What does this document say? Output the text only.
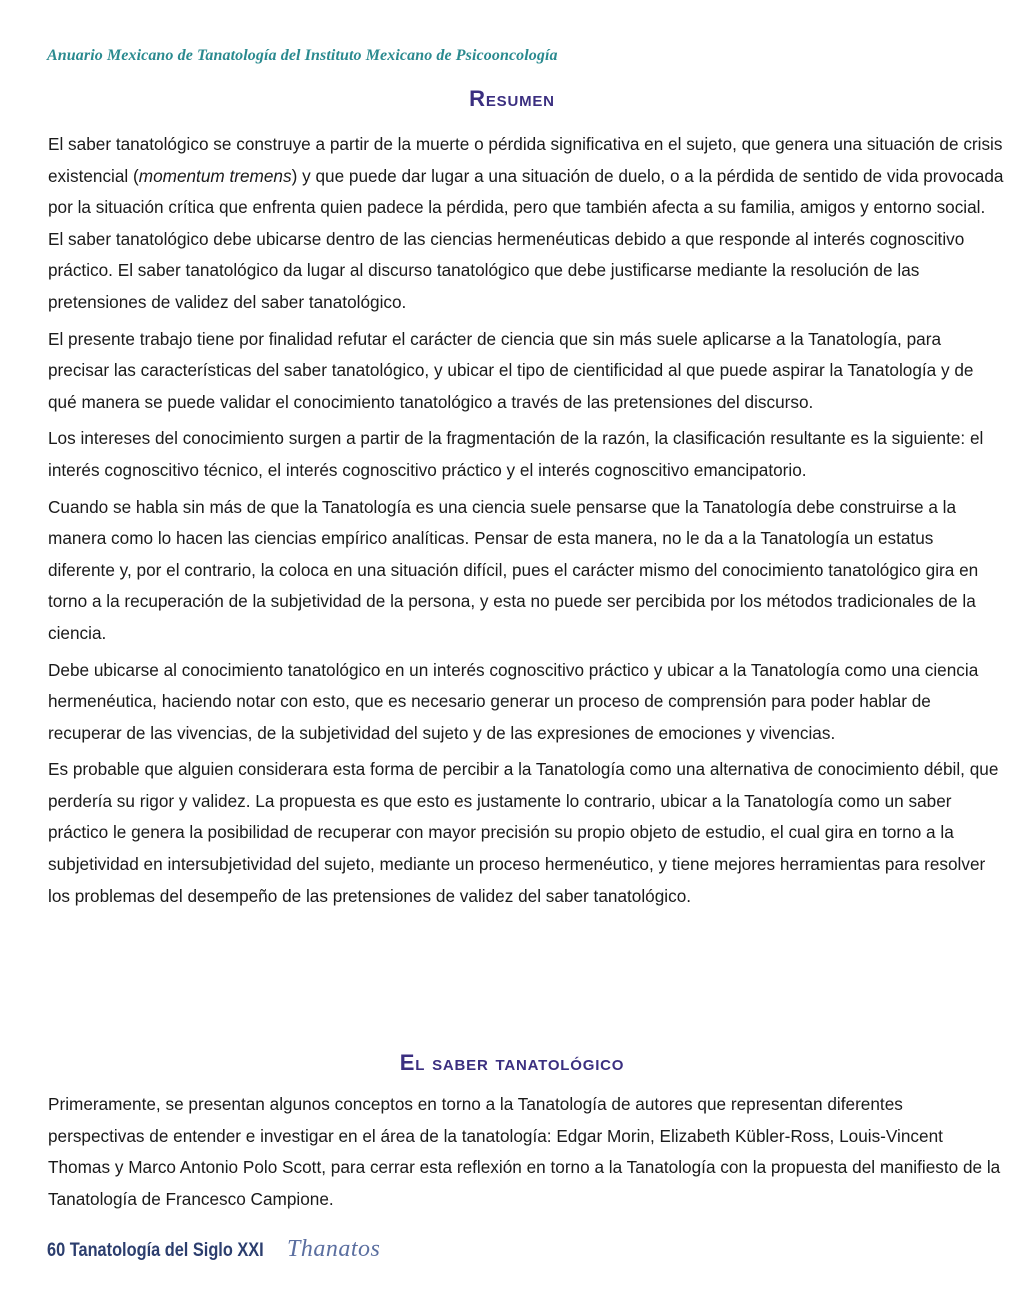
Anuario Mexicano de Tanatología del Instituto Mexicano de Psicooncología
Resumen

El saber tanatológico se construye a partir de la muerte o pérdida significativa en el sujeto, que genera una situación de crisis existencial (momentum tremens) y que puede dar lugar a una situación de duelo, o a la pérdida de sentido de vida provocada por la situación crítica que enfrenta quien padece la pérdida, pero que también afecta a su familia, amigos y entorno social. El saber tanatológico debe ubicarse dentro de las ciencias hermenéuticas debido a que responde al interés cognoscitivo práctico. El saber tanatológico da lugar al discurso tanatológico que debe justificarse mediante la resolución de las pretensiones de validez del saber tanatológico.

El presente trabajo tiene por finalidad refutar el carácter de ciencia que sin más suele aplicarse a la Tanatología, para precisar las características del saber tanatológico, y ubicar el tipo de cientificidad al que puede aspirar la Tanatología y de qué manera se puede validar el conocimiento tanatológico a través de las pretensiones del discurso.

Los intereses del conocimiento surgen a partir de la fragmentación de la razón, la clasificación resultante es la siguiente: el interés cognoscitivo técnico, el interés cognoscitivo práctico y el interés cognoscitivo emancipatorio.

Cuando se habla sin más de que la Tanatología es una ciencia suele pensarse que la Tanatología debe construirse a la manera como lo hacen las ciencias empírico analíticas. Pensar de esta manera, no le da a la Tanatología un estatus diferente y, por el contrario, la coloca en una situación difícil, pues el carácter mismo del conocimiento tanatológico gira en torno a la recuperación de la subjetividad de la persona, y esta no puede ser percibida por los métodos tradicionales de la ciencia.

Debe ubicarse al conocimiento tanatológico en un interés cognoscitivo práctico y ubicar a la Tanatología como una ciencia hermenéutica, haciendo notar con esto, que es necesario generar un proceso de comprensión para poder hablar de recuperar de las vivencias, de la subjetividad del sujeto y de las expresiones de emociones y vivencias.

Es probable que alguien considerara esta forma de percibir a la Tanatología como una alternativa de conocimiento débil, que perdería su rigor y validez. La propuesta es que esto es justamente lo contrario, ubicar a la Tanatología como un saber práctico le genera la posibilidad de recuperar con mayor precisión su propio objeto de estudio, el cual gira en torno a la subjetividad en intersubjetividad del sujeto, mediante un proceso hermenéutico, y tiene mejores herramientas para resolver los problemas del desempeño de las pretensiones de validez del saber tanatológico.

El saber tanatológico

Primeramente, se presentan algunos conceptos en torno a la Tanatología de autores que representan diferentes perspectivas de entender e investigar en el área de la tanatología: Edgar Morin, Elizabeth Kübler-Ross, Louis-Vincent Thomas y Marco Antonio Polo Scott, para cerrar esta reflexión en torno a la Tanatología con la propuesta del manifiesto de la Tanatología de Francesco Campione.

60 Tanatología del Siglo XXI Thanatos
